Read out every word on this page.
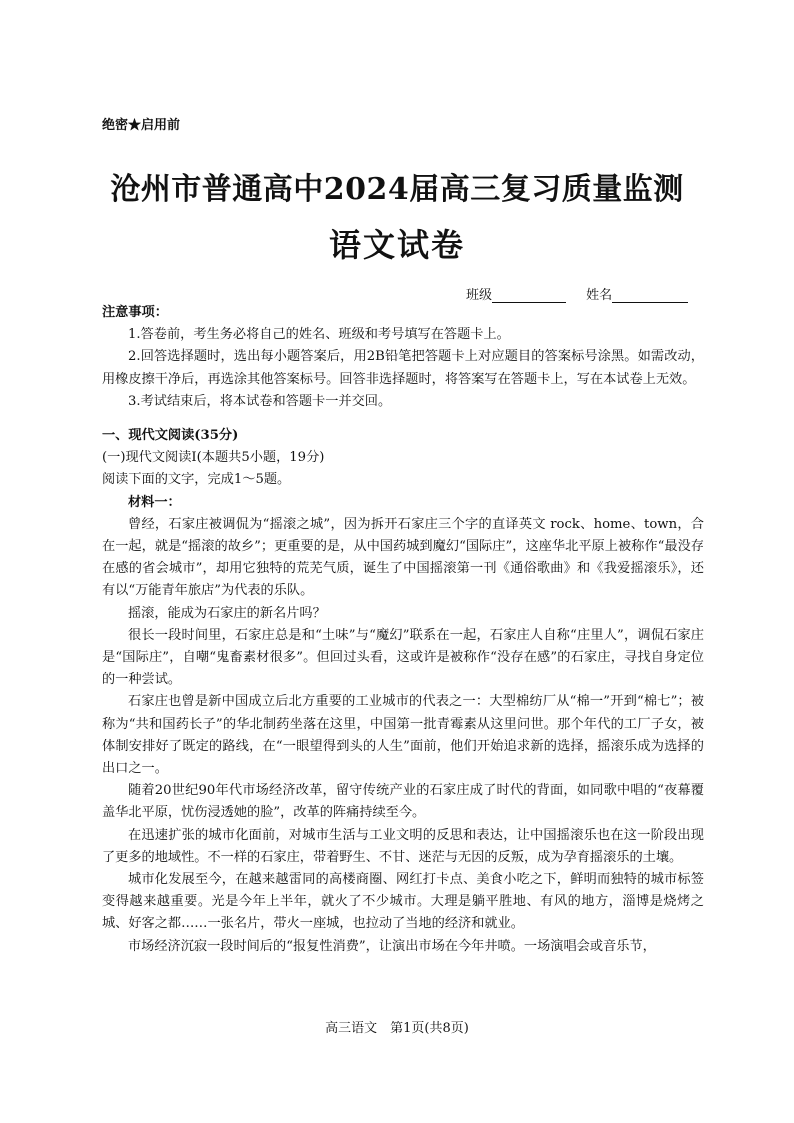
绝密★启用前
沧州市普通高中2024届高三复习质量监测
语文试卷
班级	姓名

注意事项：

1.答卷前，考生务必将自己的姓名、班级和考号填写在答题卡上。

2.回答选择题时，选出每小题答案后，用2B铅笔把答题卡上对应题目的答案标号涂黑。如需改动，用橡皮擦干净后，再选涂其他答案标号。回答非选择题时，将答案写在答题卡上，写在本试卷上无效。

3.考试结束后，将本试卷和答题卡一并交回。

一、现代文阅读(35分)

(一)现代文阅读Ⅰ(本题共5小题，19分)

阅读下面的文字，完成1～5题。

材料一：

曾经，石家庄被调侃为“摇滚之城”，因为拆开石家庄三个字的直译英文 rock、home、town，合在一起，就是“摇滚的故乡”；更重要的是，从中国药城到魔幻“国际庄”，这座华北平原上被称作“最没存在感的省会城市”，却用它独特的荒芜气质，诞生了中国摇滚第一刊《通俗歌曲》和《我爱摇滚乐》，还有以“万能青年旅店”为代表的乐队。

摇滚，能成为石家庄的新名片吗？

很长一段时间里，石家庄总是和“土味”与“魔幻”联系在一起，石家庄人自称“庄里人”，调侃石家庄是“国际庄”，自嘲“鬼畜素材很多”。但回过头看，这或许是被称作“没存在感”的石家庄，寻找自身定位的一种尝试。

石家庄也曾是新中国成立后北方重要的工业城市的代表之一：大型棉纺厂从“棉一”开到“棉七”；被称为“共和国药长子”的华北制药坐落在这里，中国第一批青霉素从这里问世。那个年代的工厂子女，被体制安排好了既定的路线，在“一眼望得到头的人生”面前，他们开始追求新的选择，摇滚乐成为选择的出口之一。

随着20世纪90年代市场经济改革，留守传统产业的石家庄成了时代的背面，如同歌中唱的“夜幕覆盖华北平原，忧伤浸透她的脸”，改革的阵痛持续至今。

在迅速扩张的城市化面前，对城市生活与工业文明的反思和表达，让中国摇滚乐也在这一阶段出现了更多的地域性。不一样的石家庄，带着野生、不甘、迷茫与无因的反叛，成为孕育摇滚乐的土壤。

城市化发展至今，在越来越雷同的高楼商圈、网红打卡点、美食小吃之下，鲜明而独特的城市标签变得越来越重要。光是今年上半年，就火了不少城市。大理是躺平胜地、有风的地方，淄博是烧烤之城、好客之都……一张名片，带火一座城，也拉动了当地的经济和就业。

市场经济沉寂一段时间后的“报复性消费”，让演出市场在今年井喷。一场演唱会或音乐节，

高三语文　第1页(共8页)
